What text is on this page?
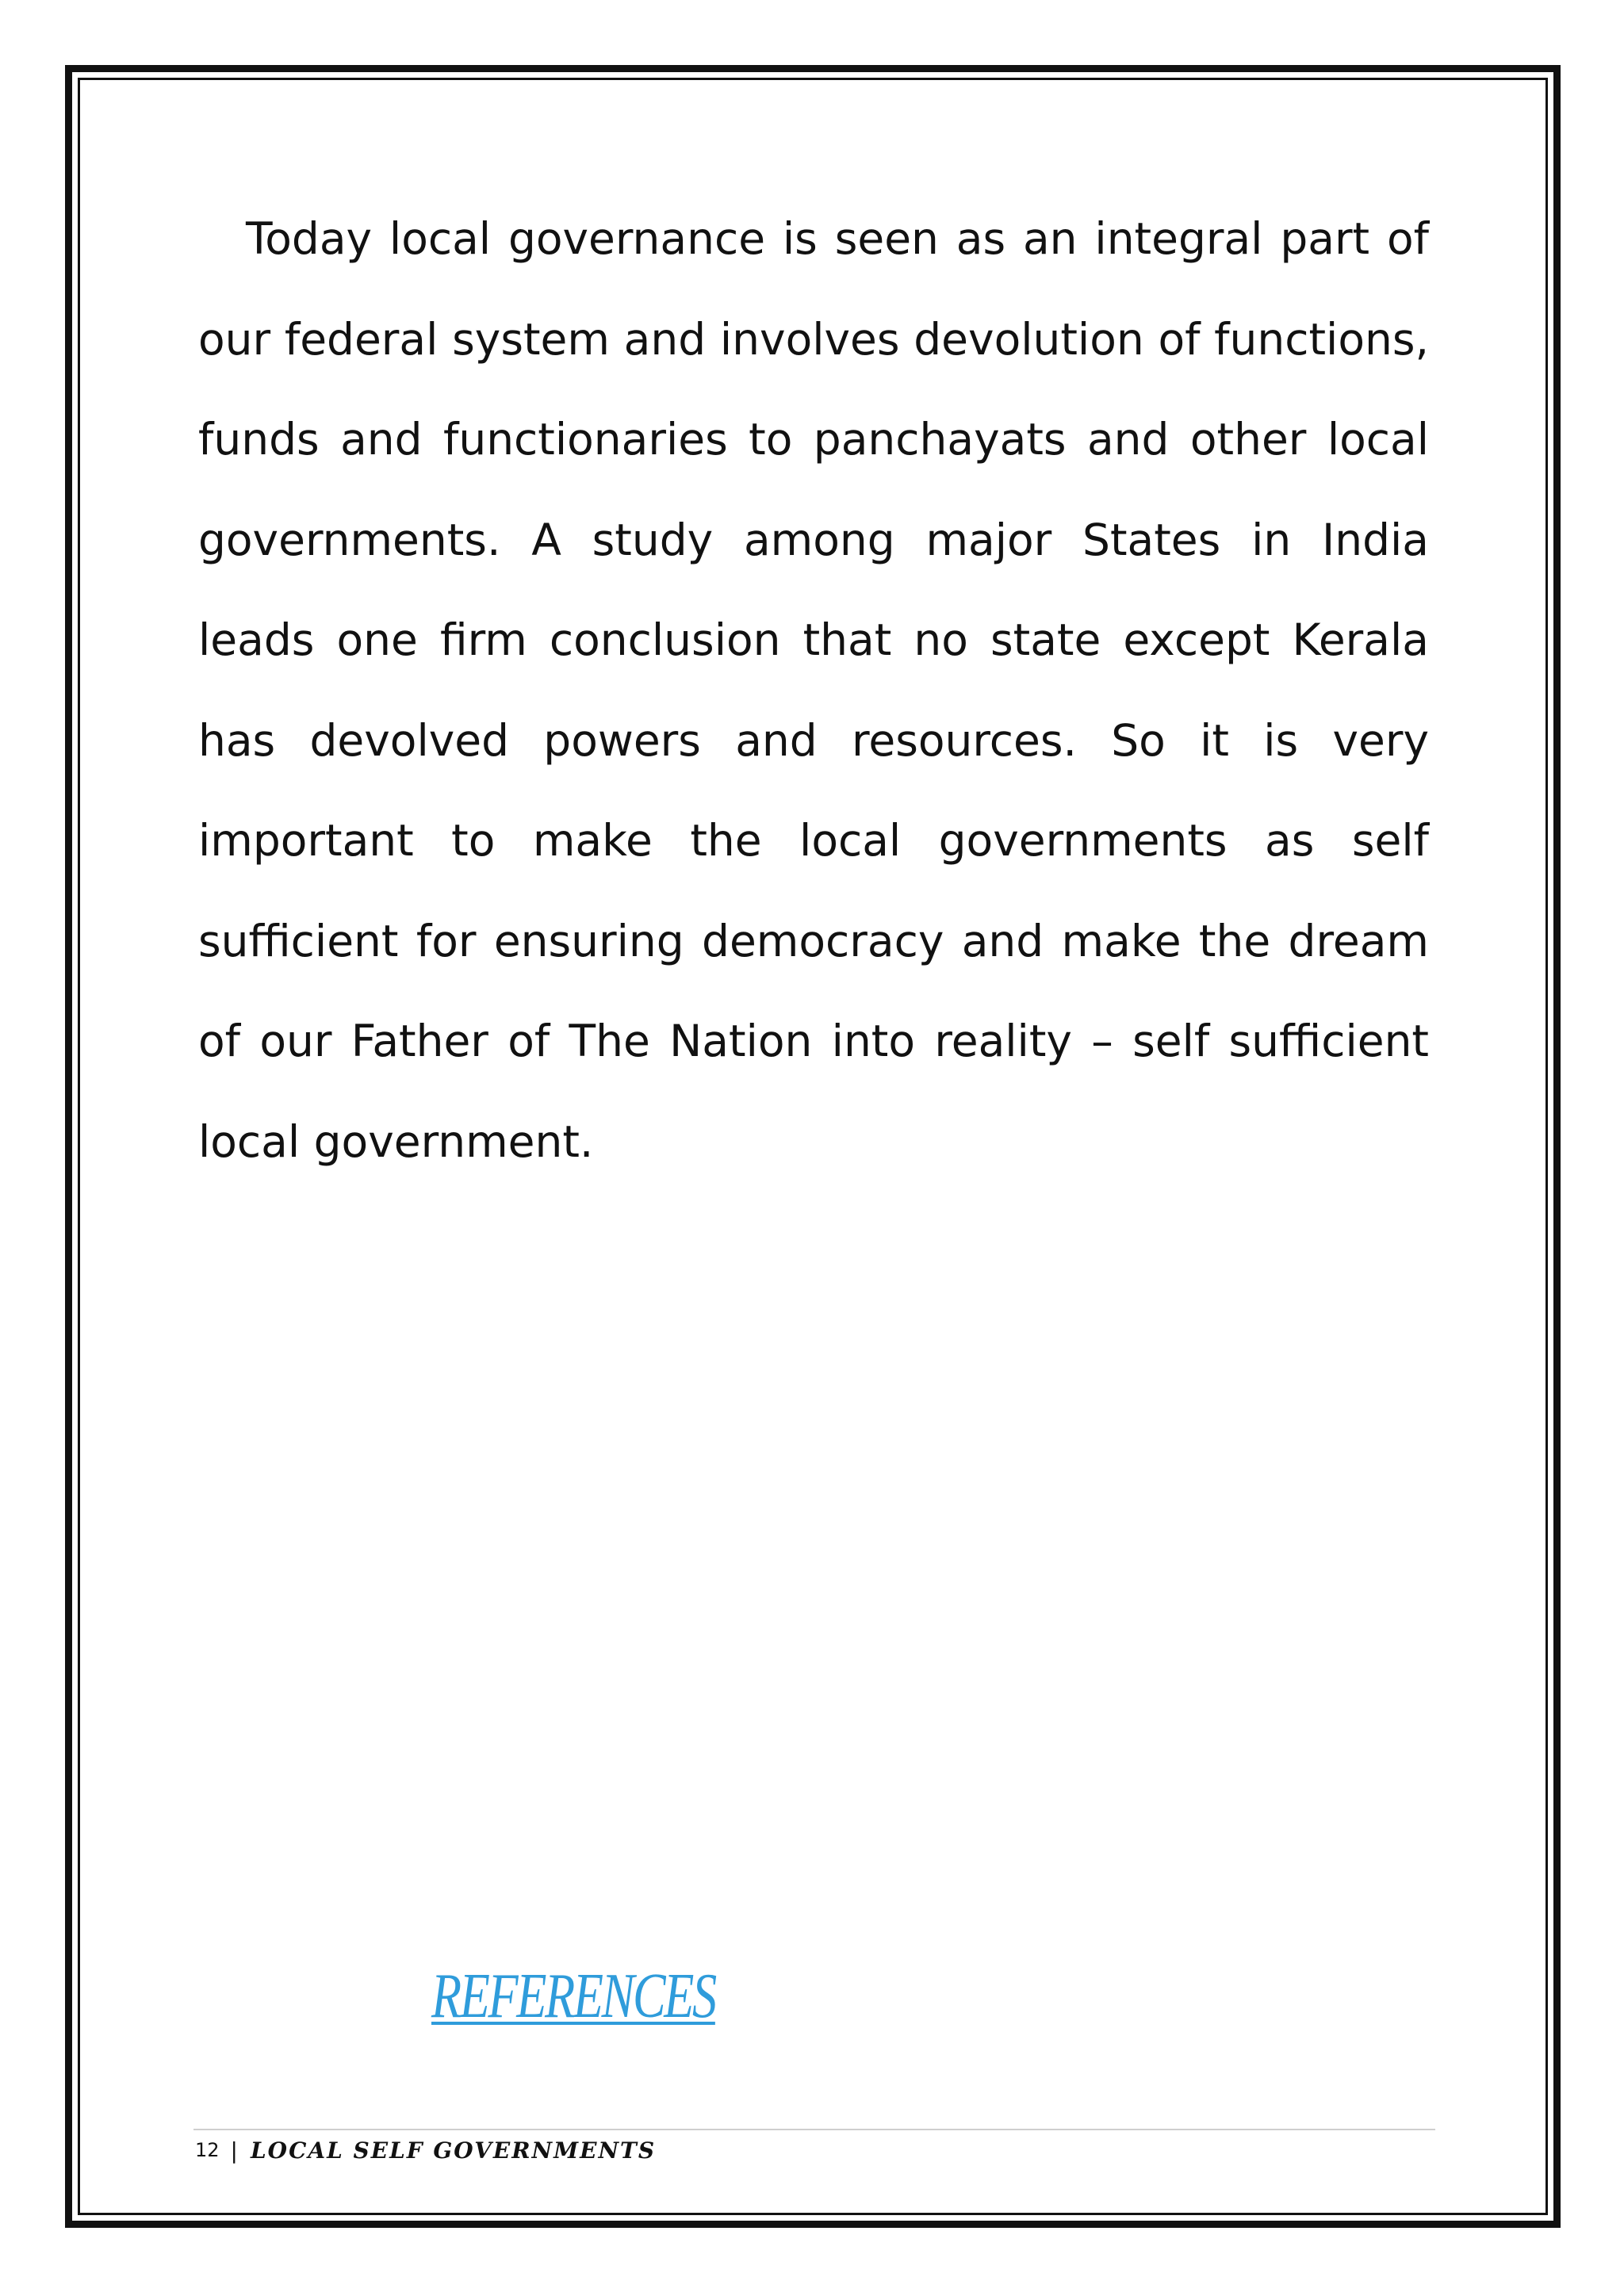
Today local governance is seen as an integral part of our federal system and involves devolution of functions, funds and functionaries to panchayats and other local governments. A study among major States in India leads one firm conclusion that no state except Kerala has devolved powers and resources. So it is very important to make the local governments as self sufficient for ensuring democracy and make the dream of our Father of The Nation into reality – self sufficient local government.

REFERENCES
12 | LOCAL SELF GOVERNMENTS
